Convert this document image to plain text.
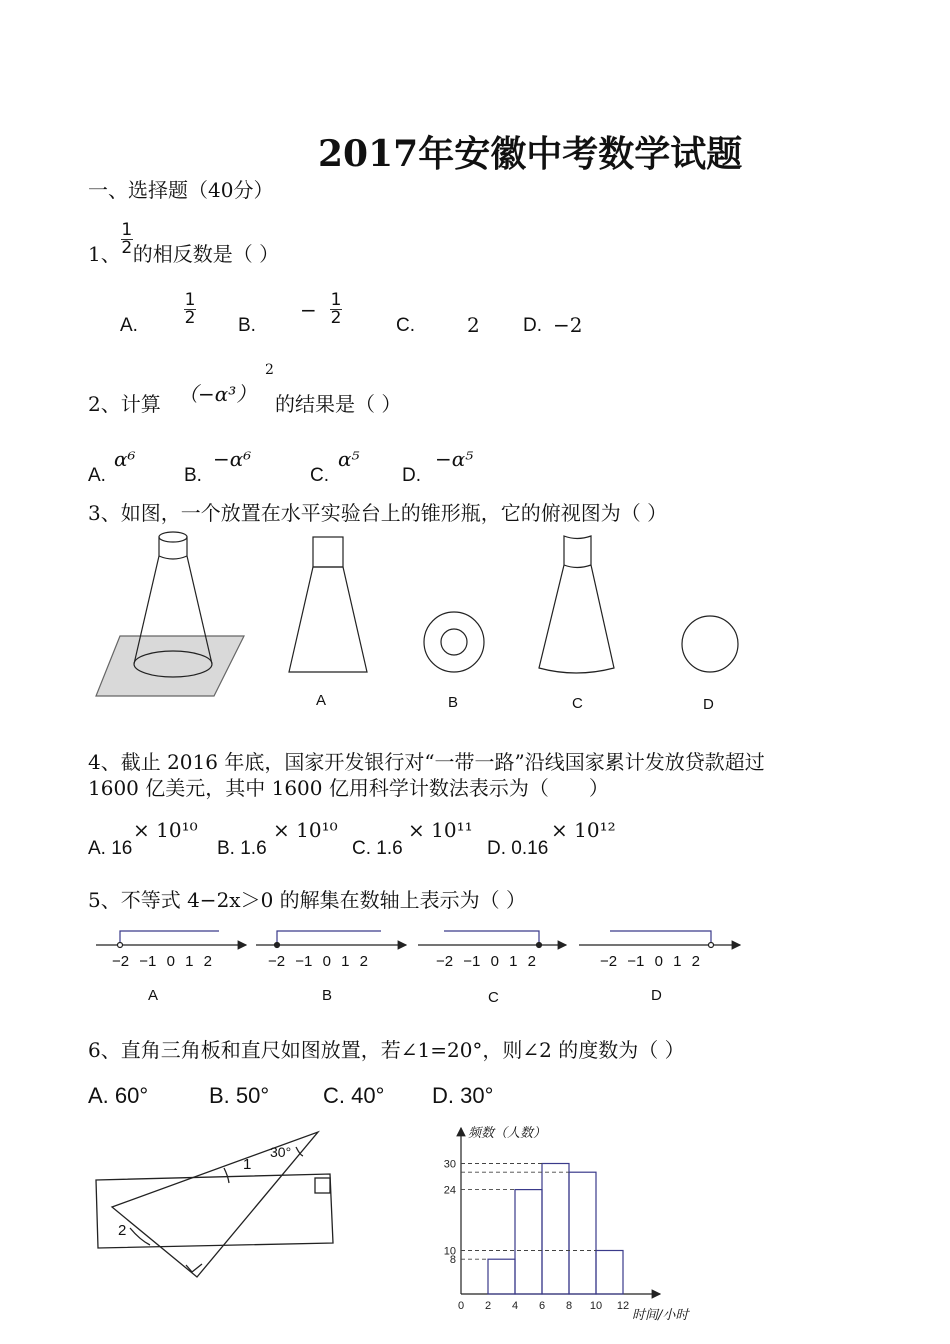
2017年安徽中考数学试题
一、选择题（40分）
1、 $\frac{1}{2}$ 的相反数是（ ）
A.
1
2 B.
− 1
2	C.	2 D. −2
2、计算 （−α³）
2
的结果是（ ）
A.
α⁶
B.
−α⁶
C.
α⁵
D.
−α⁵
3、如图，一个放置在水平实验台上的锥形瓶，它的俯视图为（ ）
A	B	C	D
4、截止 2016 年底，国家开发银行对“一带一路”沿线国家累计发放贷款超过
1600 亿美元，其中 1600 亿用科学计数法表示为（　　）
A. 16
× 10¹⁰
B. 1.6
× 10¹⁰
C. 1.6
× 10¹¹
D. 0.16
× 10¹²
5、不等式 4−2x＞0 的解集在数轴上表示为（ ）
−2 −1 0 1 2	−2 −1 0 1 2	−2 −1 0 1 2	−2 −1 0 1 2
A	B	C	D
6、直角三角板和直尺如图放置，若∠1=20°，则∠2 的度数为（ ）
A. 60°	B. 50° C. 40° D. 30°
1
2
30°
0 2 4 6 8 10 12
8
10
24
30
频数（人数）
时间/小时
